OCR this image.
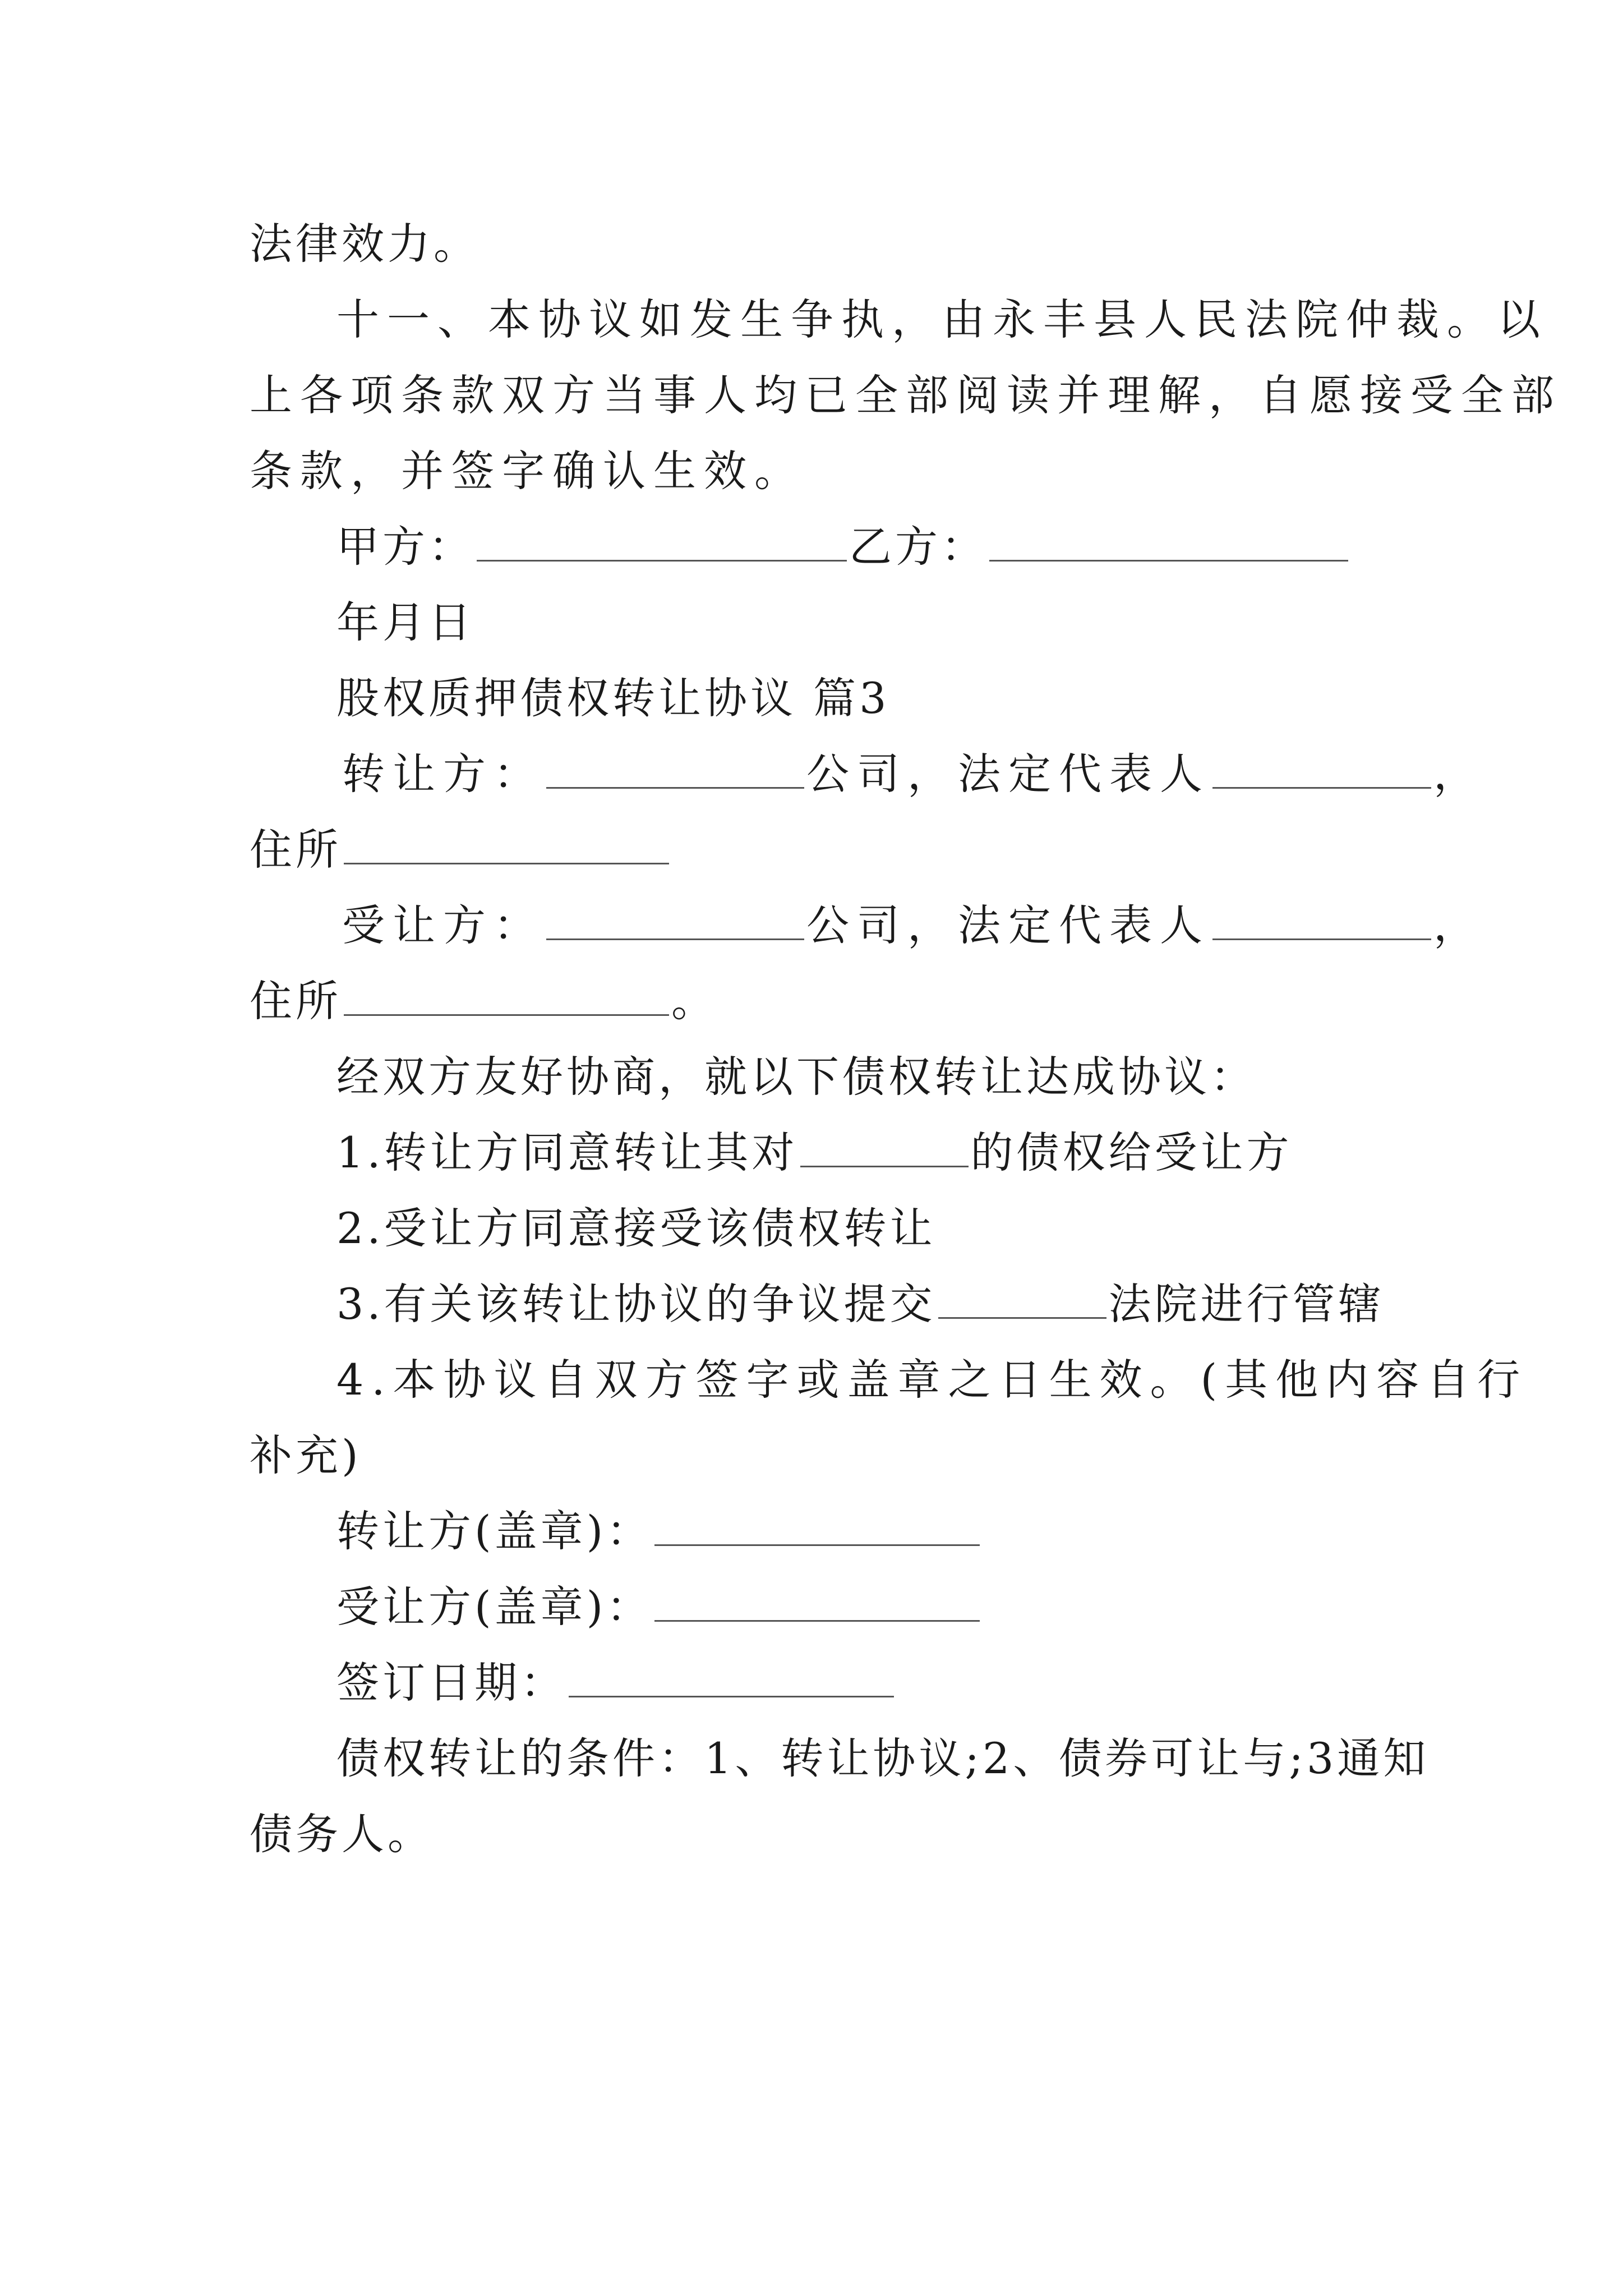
法律效力。
十一、本协议如发生争执，由永丰县人民法院仲裁。以
上各项条款双方当事人均已全部阅读并理解，自愿接受全部
条款，并签字确认生效。
甲方：	乙方：
年月日
股权质押债权转让协议 篇3
转让方：	公司，法定代表人	，
住所
受让方：	公司，法定代表人	，
住所	。
经双方友好协商，就以下债权转让达成协议：
1.转让方同意转让其对	的债权给受让方
2.受让方同意接受该债权转让
3.有关该转让协议的争议提交	法院进行管辖
4.本协议自双方签字或盖章之日生效。(其他内容自行
补充)
转让方(盖章)：
受让方(盖章)：
签订日期：
债权转让的条件：1、转让协议;2、债券可让与;3通知
债务人。
